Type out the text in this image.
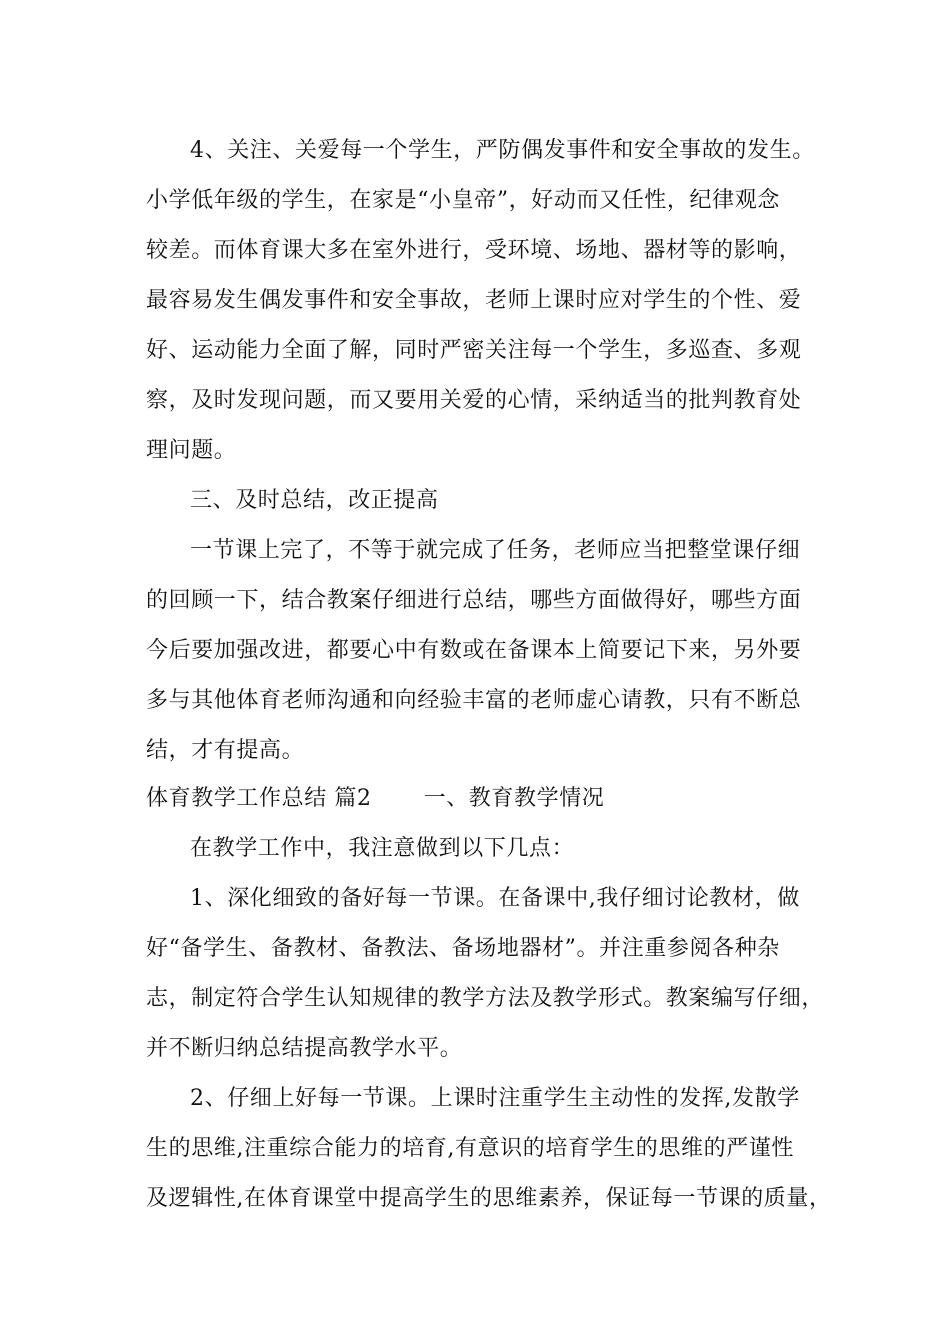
4、关注、关爱每一个学生，严防偶发事件和安全事故的发生。
小学低年级的学生，在家是“小皇帝”，好动而又任性，纪律观念
较差。而体育课大多在室外进行，受环境、场地、器材等的影响，
最容易发生偶发事件和安全事故，老师上课时应对学生的个性、爱
好、运动能力全面了解，同时严密关注每一个学生，多巡查、多观
察，及时发现问题，而又要用关爱的心情，采纳适当的批判教育处
理问题。
三、及时总结，改正提高
一节课上完了，不等于就完成了任务，老师应当把整堂课仔细
的回顾一下，结合教案仔细进行总结，哪些方面做得好，哪些方面
今后要加强改进，都要心中有数或在备课本上简要记下来，另外要
多与其他体育老师沟通和向经验丰富的老师虚心请教，只有不断总
结，才有提高。
体育教学工作总结 篇2 一、教育教学情况
在教学工作中，我注意做到以下几点：
1、深化细致的备好每一节课。在备课中,我仔细讨论教材，做
好“备学生、备教材、备教法、备场地器材”。并注重参阅各种杂
志，制定符合学生认知规律的教学方法及教学形式。教案编写仔细，
并不断归纳总结提高教学水平。
2、仔细上好每一节课。上课时注重学生主动性的发挥,发散学
生的思维,注重综合能力的培育,有意识的培育学生的思维的严谨性
及逻辑性,在体育课堂中提高学生的思维素养，保证每一节课的质量，
